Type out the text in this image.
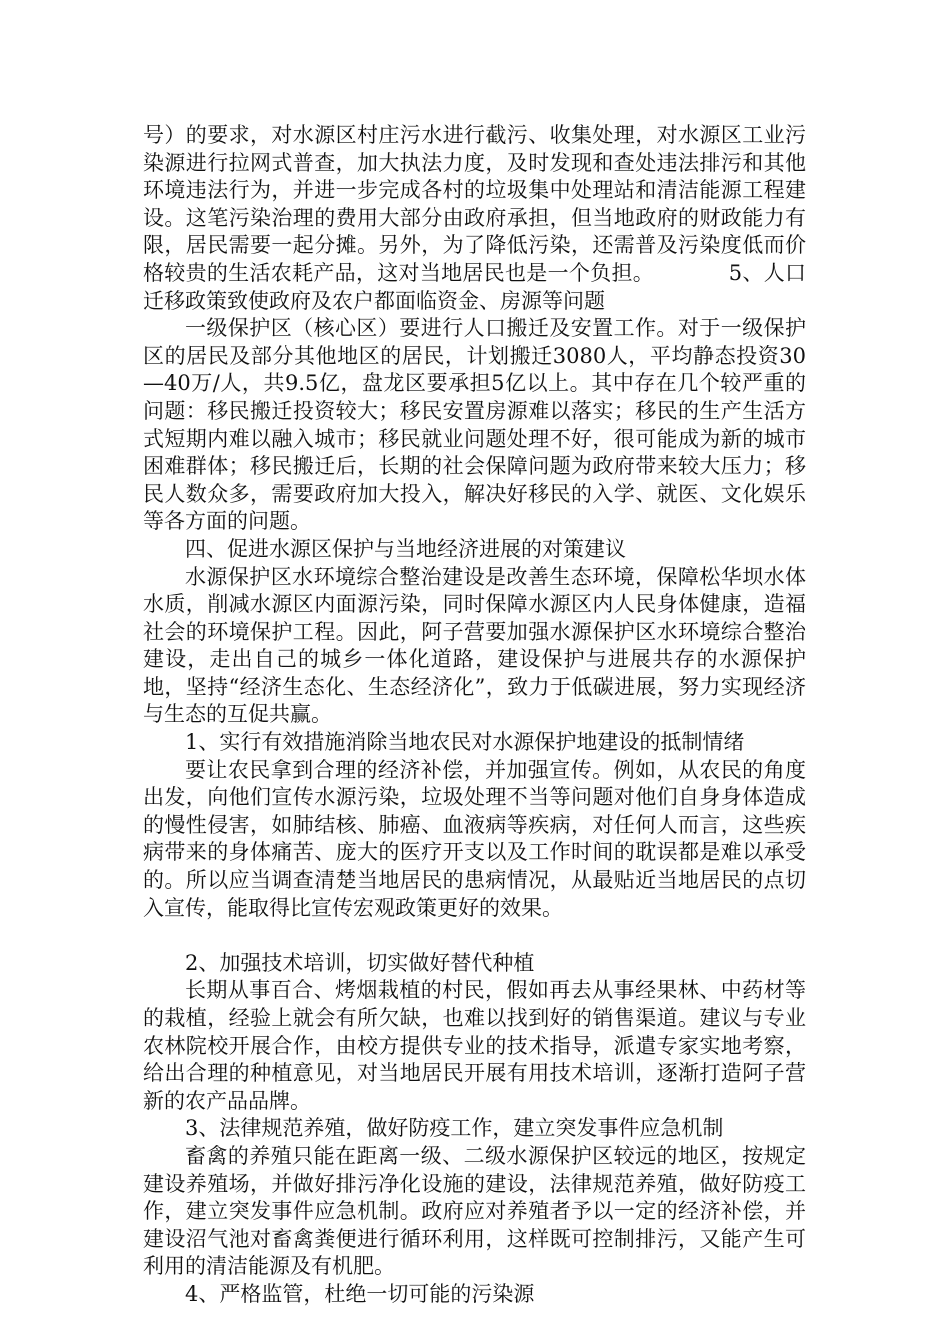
号）的要求，对水源区村庄污水进行截污、收集处理，对水源区工业污染源进行拉网式普查，加大执法力度，及时发现和查处违法排污和其他环境违法行为，并进一步完成各村的垃圾集中处理站和清洁能源工程建设。这笔污染治理的费用大部分由政府承担，但当地政府的财政能力有限，居民需要一起分摊。另外，为了降低污染，还需普及污染度低而价格较贵的生活农耗产品，这对当地居民也是一个负担。　　　　5、人口迁移政策致使政府及农户都面临资金、房源等问题

一级保护区（核心区）要进行人口搬迁及安置工作。对于一级保护区的居民及部分其他地区的居民，计划搬迁3080人，平均静态投资30—40万/人，共9.5亿，盘龙区要承担5亿以上。其中存在几个较严重的问题：移民搬迁投资较大；移民安置房源难以落实；移民的生产生活方式短期内难以融入城市；移民就业问题处理不好，很可能成为新的城市困难群体；移民搬迁后，长期的社会保障问题为政府带来较大压力；移民人数众多，需要政府加大投入，解决好移民的入学、就医、文化娱乐等各方面的问题。

四、促进水源区保护与当地经济进展的对策建议

水源保护区水环境综合整治建设是改善生态环境，保障松华坝水体水质，削减水源区内面源污染，同时保障水源区内人民身体健康，造福社会的环境保护工程。因此，阿子营要加强水源保护区水环境综合整治建设，走出自己的城乡一体化道路，建设保护与进展共存的水源保护地，坚持“经济生态化、生态经济化”，致力于低碳进展，努力实现经济与生态的互促共赢。

1、实行有效措施消除当地农民对水源保护地建设的抵制情绪

要让农民拿到合理的经济补偿，并加强宣传。例如，从农民的角度出发，向他们宣传水源污染，垃圾处理不当等问题对他们自身身体造成的慢性侵害，如肺结核、肺癌、血液病等疾病，对任何人而言，这些疾病带来的身体痛苦、庞大的医疗开支以及工作时间的耽误都是难以承受的。所以应当调查清楚当地居民的患病情况，从最贴近当地居民的点切入宣传，能取得比宣传宏观政策更好的效果。

2、加强技术培训，切实做好替代种植

长期从事百合、烤烟栽植的村民，假如再去从事经果林、中药材等的栽植，经验上就会有所欠缺，也难以找到好的销售渠道。建议与专业农林院校开展合作，由校方提供专业的技术指导，派遣专家实地考察，给出合理的种植意见，对当地居民开展有用技术培训，逐渐打造阿子营新的农产品品牌。

3、法律规范养殖，做好防疫工作，建立突发事件应急机制

畜禽的养殖只能在距离一级、二级水源保护区较远的地区，按规定建设养殖场，并做好排污净化设施的建设，法律规范养殖，做好防疫工作，建立突发事件应急机制。政府应对养殖者予以一定的经济补偿，并建设沼气池对畜禽粪便进行循环利用，这样既可控制排污，又能产生可利用的清洁能源及有机肥。

4、严格监管，杜绝一切可能的污染源
